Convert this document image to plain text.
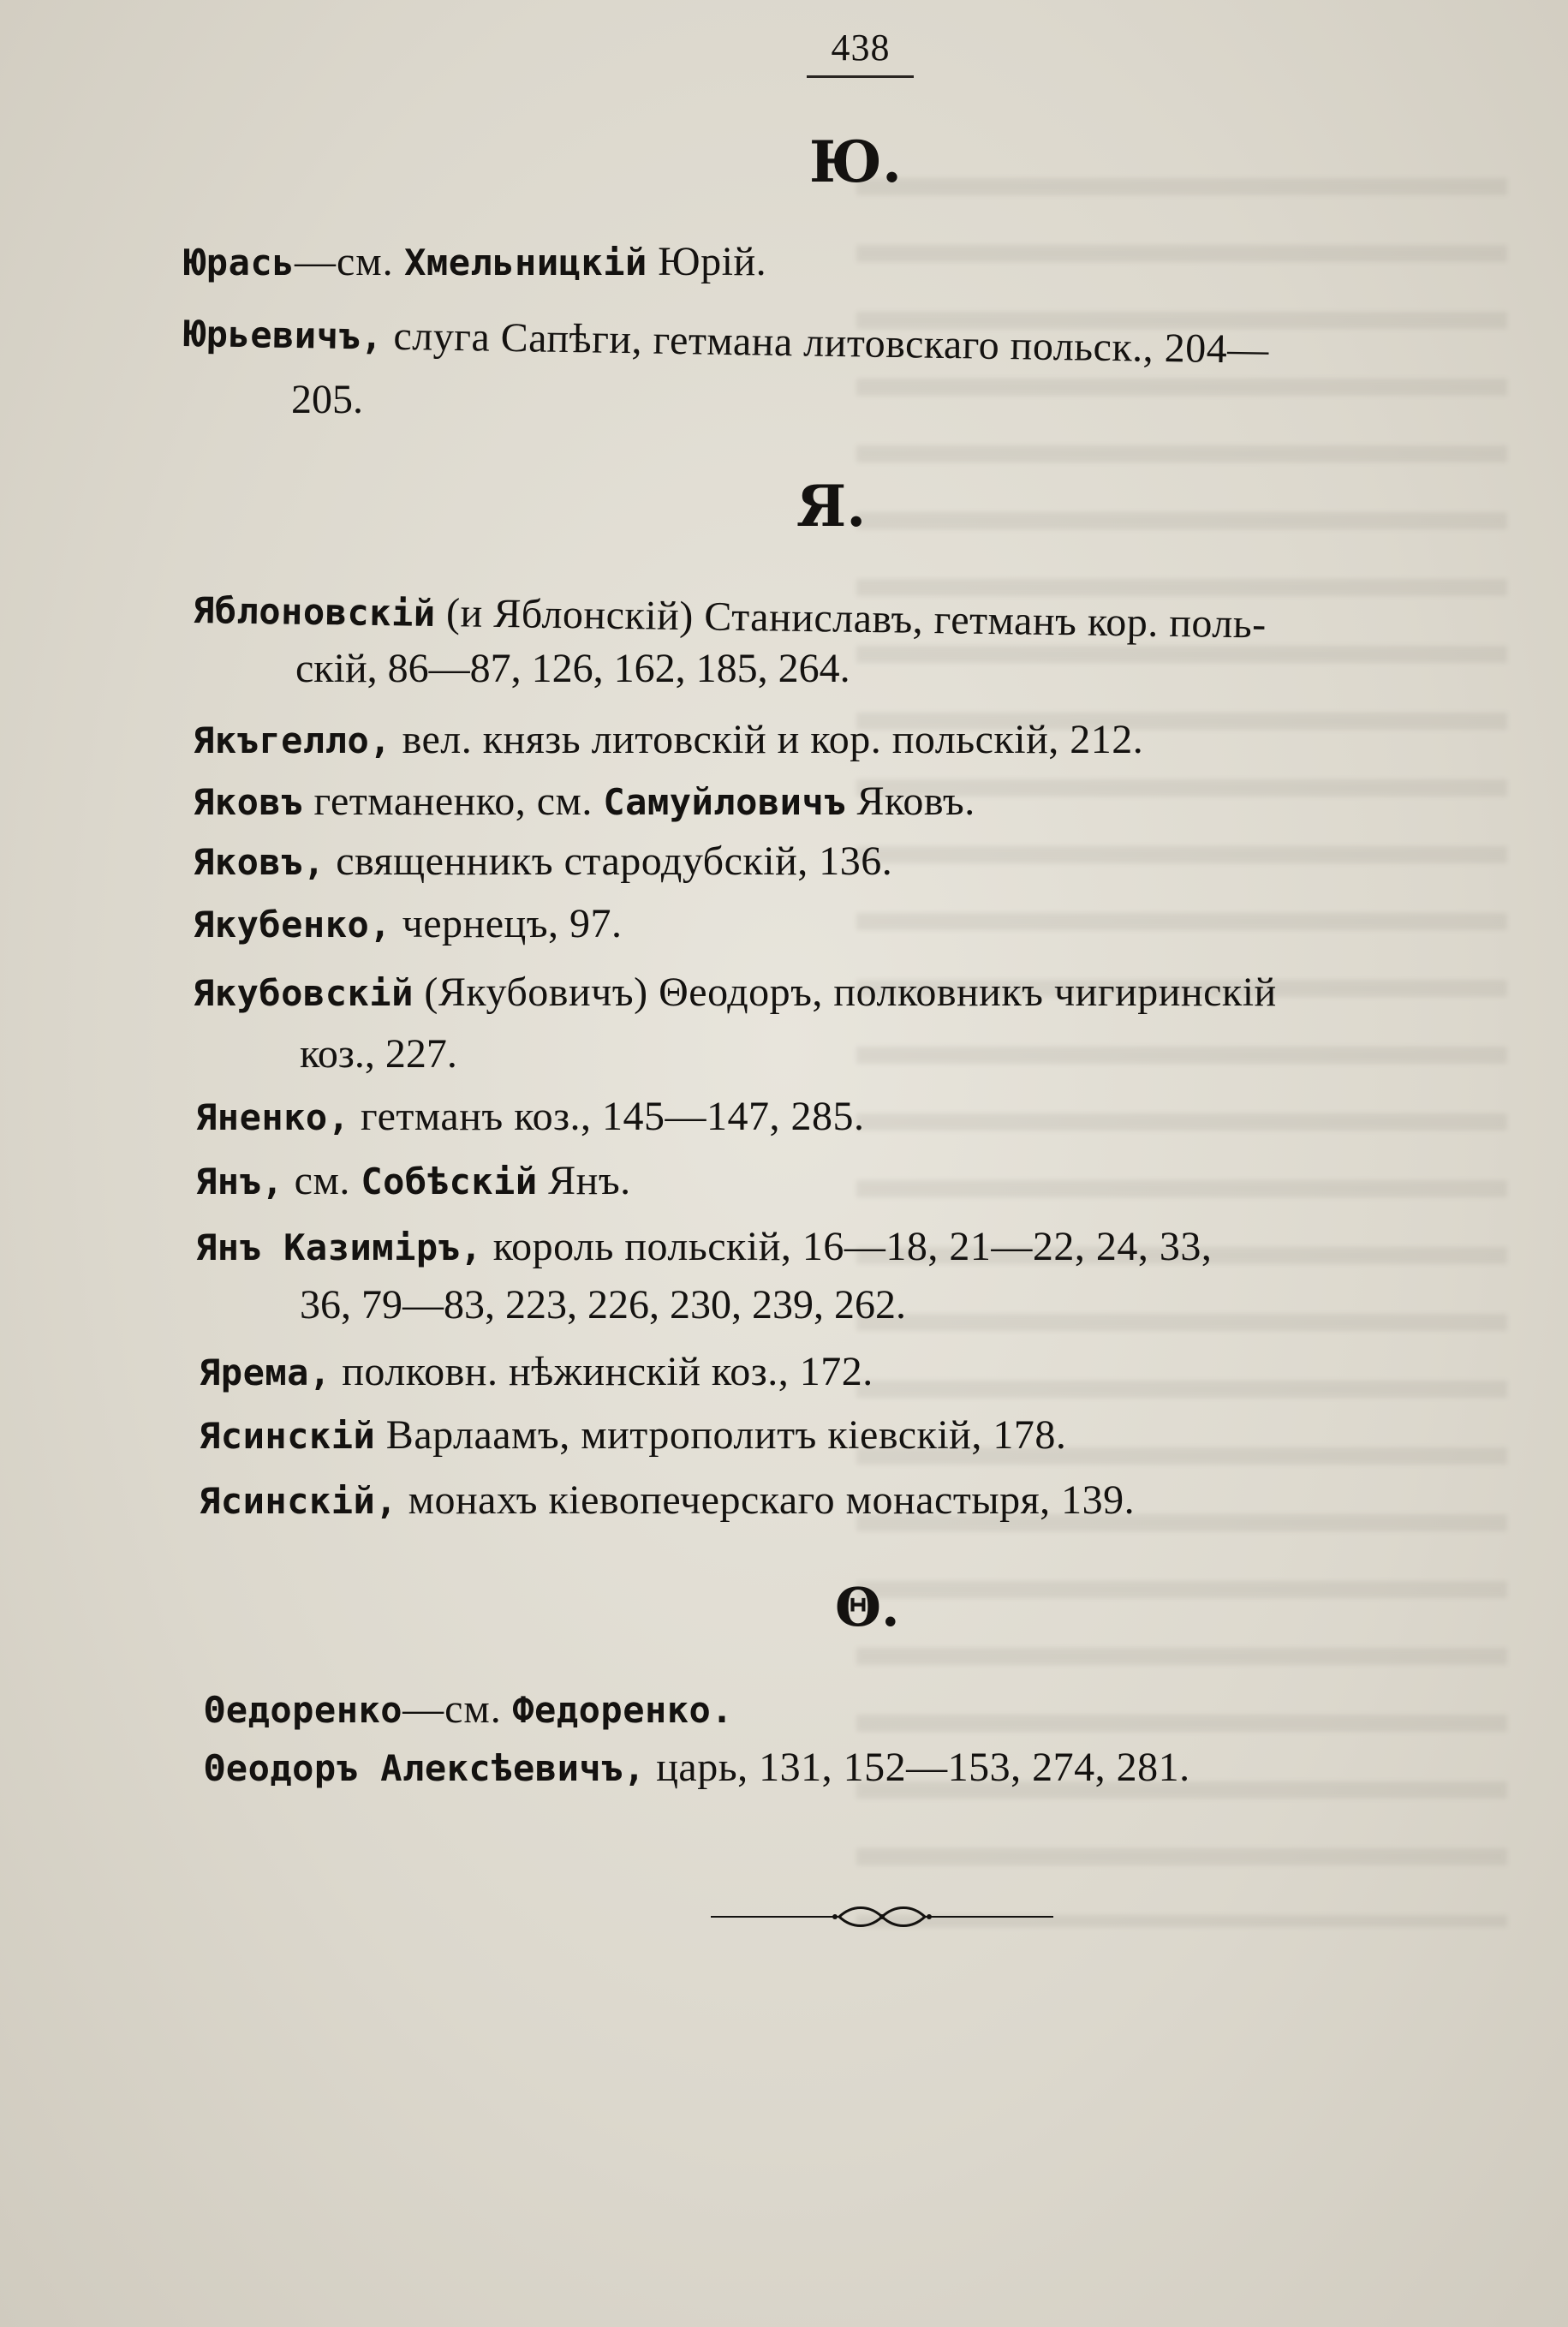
438
Ю.
Юрась—см. Хмельницкій Юрій.
Юрьевичъ, слуга Сапѣги, гетмана литовскаго польск., 204—
205.
Я.
Яблоновскій (и Яблонскій) Станиславъ, гетманъ кор. поль-
скій, 86—87, 126, 162, 185, 264.
Якъгелло, вел. князь литовскій и кор. польскій, 212.
Яковъ гетманенко, см. Самуйловичъ Яковъ.
Яковъ, священникъ стародубскій, 136.
Якубенко, чернецъ, 97.
Якубовскій (Якубовичъ) Θеодоръ, полковникъ чигиринскій
коз., 227.
Яненко, гетманъ коз., 145—147, 285.
Янъ, см. Собѣскій Янъ.
Янъ Казиміръ, король польскій, 16—18, 21—22, 24, 33,
36, 79—83, 223, 226, 230, 239, 262.
Ярема, полковн. нѣжинскій коз., 172.
Ясинскій Варлаамъ, митрополитъ кіевскій, 178.
Ясинскій, монахъ кіевопечерскаго монастыря, 139.
Θ.
Θедоренко—см. Федоренко.
Θеодоръ Алексѣевичъ, царь, 131, 152—153, 274, 281.
